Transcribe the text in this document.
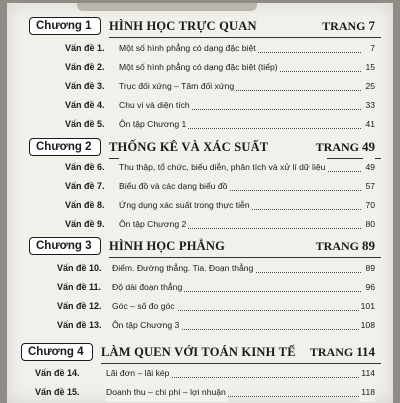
Chương 1	HÌNH HỌC TRỰC QUAN	TRANG 7
Vấn đề 1. Một số hình phẳng có dạng đặc biệt	7
Vấn đề 2. Một số hình phẳng có dạng đặc biệt (tiếp)	15
Vấn đề 3. Trục đối xứng – Tâm đối xứng	25
Vấn đề 4. Chu vi và diện tích	33
Vấn đề 5. Ôn tập Chương 1	41
Chương 2	THỐNG KÊ VÀ XÁC SUẤT	TRANG 49
Vấn đề 6. Thu thập, tổ chức, biểu diễn, phân tích và xử lí dữ liệu	49
Vấn đề 7. Biểu đồ và các dạng biểu đồ	57
Vấn đề 8. Ứng dụng xác suất trong thực tiễn	70
Vấn đề 9. Ôn tập Chương 2	80
Chương 3	HÌNH HỌC PHẲNG	TRANG 89
Vấn đề 10. Điểm. Đường thẳng. Tia. Đoạn thẳng	89
Vấn đề 11. Độ dài đoạn thẳng	96
Vấn đề 12. Góc – số đo góc	101
Vấn đề 13. Ôn tập Chương 3	108
Chương 4	LÀM QUEN VỚI TOÁN KINH TẾ TRANG 114
Vấn đề 14.	Lãi đơn – lãi kép	114
Vấn đề 15.	Doanh thu – chi phí – lợi nhuận	118
